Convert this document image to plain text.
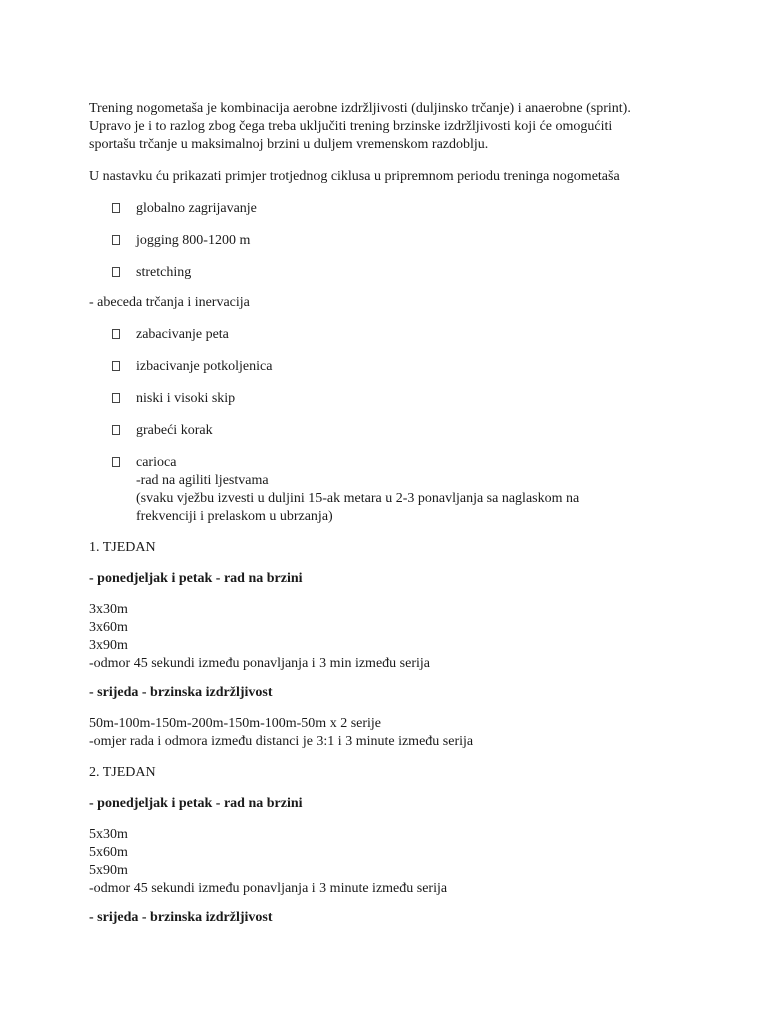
Trening nogometaša je kombinacija aerobne izdržljivosti (duljinsko trčanje) i anaerobne (sprint).
Upravo je i to razlog zbog čega treba uključiti trening brzinske izdržljivosti koji će omogućiti
sportašu trčanje u maksimalnoj brzini u duljem vremenskom razdoblju.
U nastavku ću prikazati primjer trotjednog ciklusa u pripremnom periodu treninga nogometaša
globalno zagrijavanje
jogging 800-1200 m
stretching
- abeceda trčanja i inervacija
zabacivanje peta
izbacivanje potkoljenica
niski i visoki skip
grabeći korak
carioca
-rad na agiliti ljestvama
(svaku vježbu izvesti u duljini 15-ak metara u 2-3 ponavljanja sa naglaskom na
frekvenciji i prelaskom u ubrzanja)
1. TJEDAN
- ponedjeljak i petak - rad na brzini
3x30m
3x60m
3x90m
-odmor 45 sekundi između ponavljanja i 3 min između serija
- srijeda - brzinska izdržljivost
50m-100m-150m-200m-150m-100m-50m x 2 serije
-omjer rada i odmora između distanci je 3:1 i 3 minute između serija
2. TJEDAN
- ponedjeljak i petak - rad na brzini
5x30m
5x60m
5x90m
-odmor 45 sekundi između ponavljanja i 3 minute između serija
- srijeda - brzinska izdržljivost
